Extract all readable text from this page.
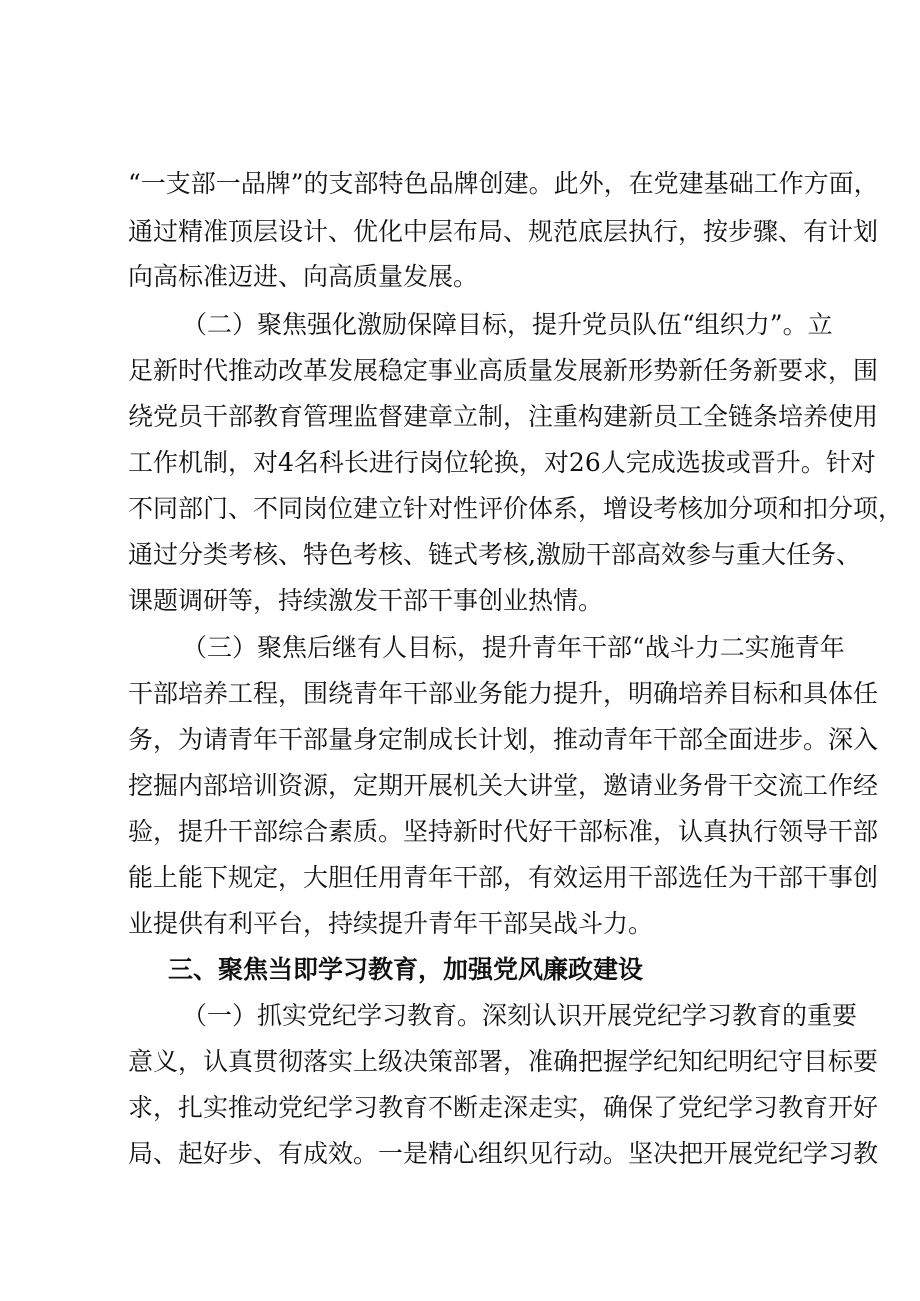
“一支部一品牌”的支部特色品牌创建。此外，在党建基础工作方面，

通过精准顶层设计、优化中层布局、规范底层执行，按步骤、有计划

向高标准迈进、向高质量发展。

（二）聚焦强化激励保障目标，提升党员队伍“组织力”。立

足新时代推动改革发展稳定事业高质量发展新形势新任务新要求，围

绕党员干部教育管理监督建章立制，注重构建新员工全链条培养使用

工作机制，对4名科长进行岗位轮换，对26人完成选拔或晋升。针对

不同部门、不同岗位建立针对性评价体系，增设考核加分项和扣分项，

通过分类考核、特色考核、链式考核,激励干部高效参与重大任务、

课题调研等，持续激发干部干事创业热情。

（三）聚焦后继有人目标，提升青年干部“战斗力二实施青年

干部培养工程，围绕青年干部业务能力提升，明确培养目标和具体任

务，为请青年干部量身定制成长计划，推动青年干部全面进步。深入

挖掘内部培训资源，定期开展机关大讲堂，邀请业务骨干交流工作经

验，提升干部综合素质。坚持新时代好干部标准，认真执行领导干部

能上能下规定，大胆任用青年干部，有效运用干部选任为干部干事创

业提供有利平台，持续提升青年干部吴战斗力。

三、聚焦当即学习教育，加强党风廉政建设

（一）抓实党纪学习教育。深刻认识开展党纪学习教育的重要

意义，认真贯彻落实上级决策部署，准确把握学纪知纪明纪守目标要

求，扎实推动党纪学习教育不断走深走实，确保了党纪学习教育开好

局、起好步、有成效。一是精心组织见行动。坚决把开展党纪学习教
